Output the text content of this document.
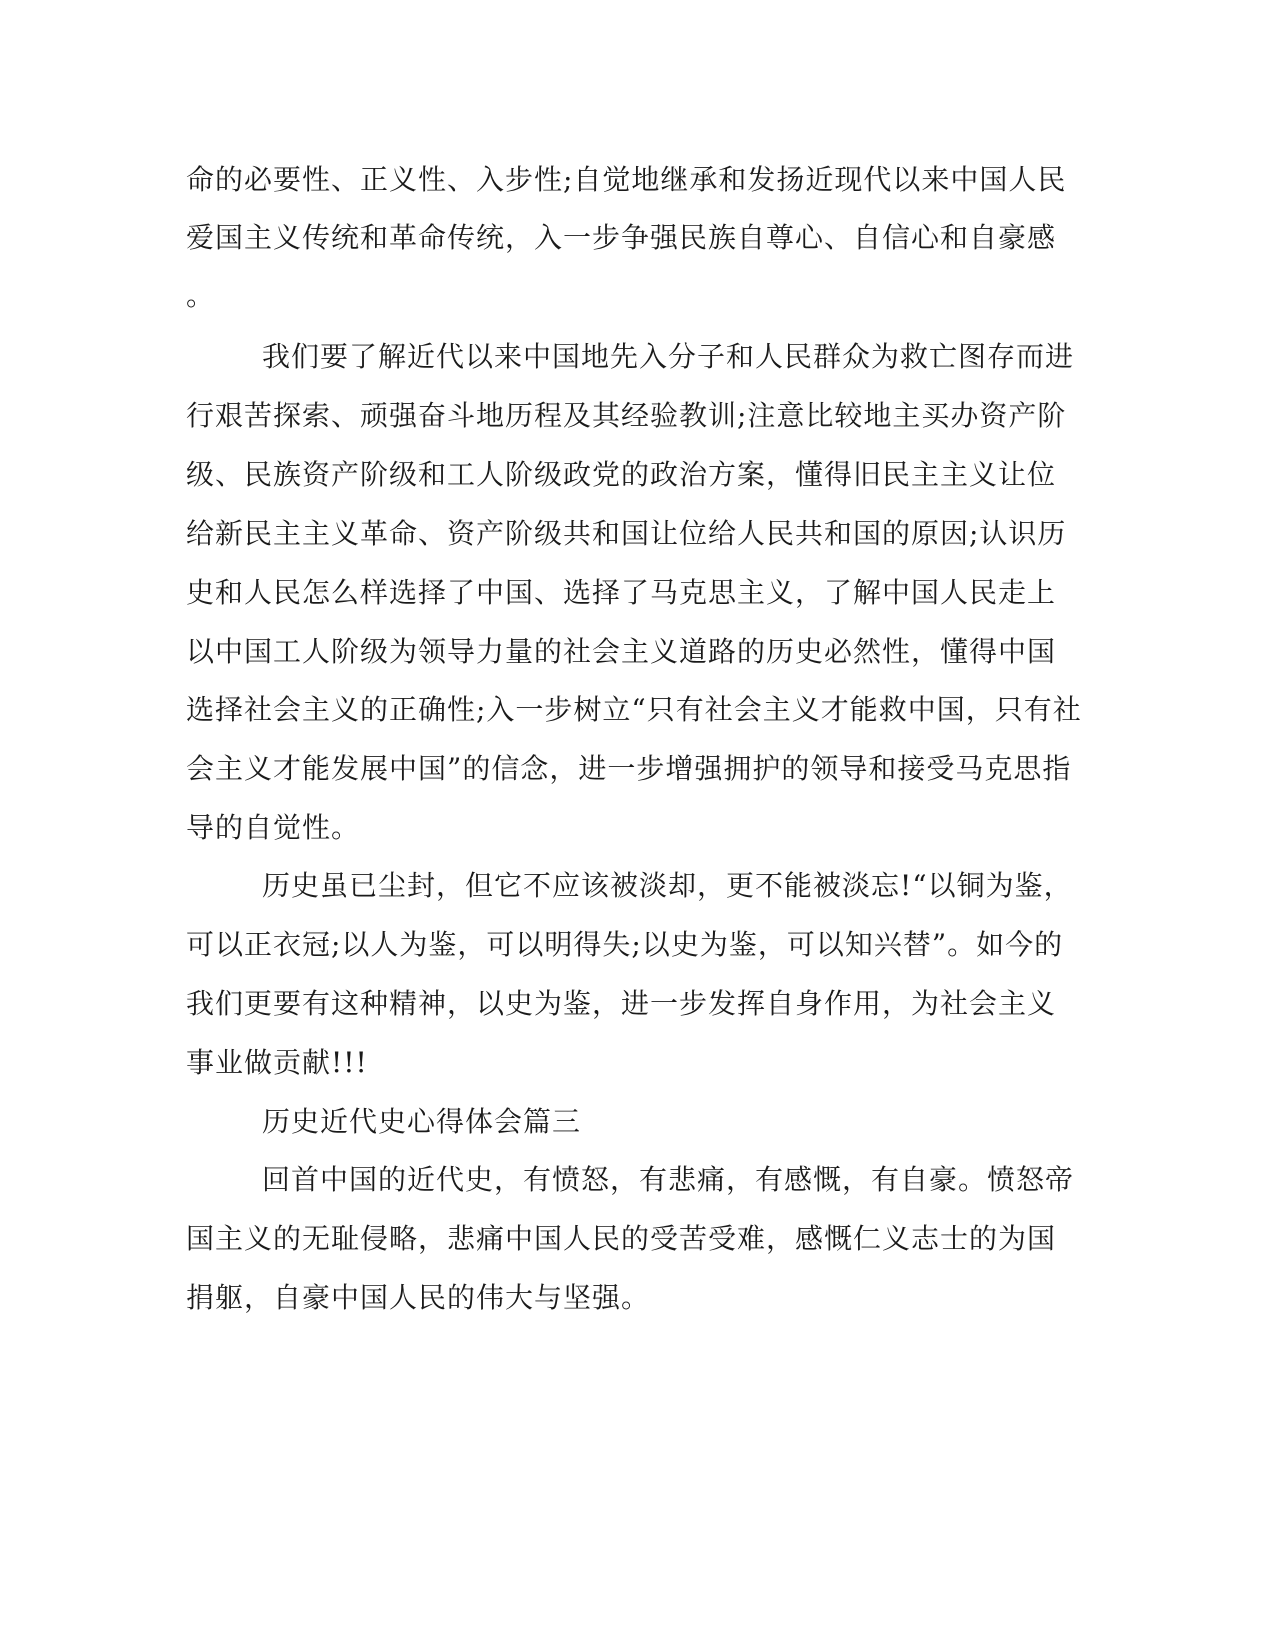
命的必要性、正义性、入步性;自觉地继承和发扬近现代以来中国人民

爱国主义传统和革命传统，入一步争强民族自尊心、自信心和自豪感

。

我们要了解近代以来中国地先入分子和人民群众为救亡图存而进

行艰苦探索、顽强奋斗地历程及其经验教训;注意比较地主买办资产阶

级、民族资产阶级和工人阶级政党的政治方案，懂得旧民主主义让位

给新民主主义革命、资产阶级共和国让位给人民共和国的原因;认识历

史和人民怎么样选择了中国、选择了马克思主义，了解中国人民走上

以中国工人阶级为领导力量的社会主义道路的历史必然性，懂得中国

选择社会主义的正确性;入一步树立“只有社会主义才能救中国，只有社

会主义才能发展中国”的信念，进一步增强拥护的领导和接受马克思指

导的自觉性。

历史虽已尘封，但它不应该被淡却，更不能被淡忘!“以铜为鉴，

可以正衣冠;以人为鉴，可以明得失;以史为鉴，可以知兴替”。如今的

我们更要有这种精神，以史为鉴，进一步发挥自身作用，为社会主义

事业做贡献!!!

历史近代史心得体会篇三

回首中国的近代史，有愤怒，有悲痛，有感慨，有自豪。愤怒帝

国主义的无耻侵略，悲痛中国人民的受苦受难，感慨仁义志士的为国

捐躯，自豪中国人民的伟大与坚强。
